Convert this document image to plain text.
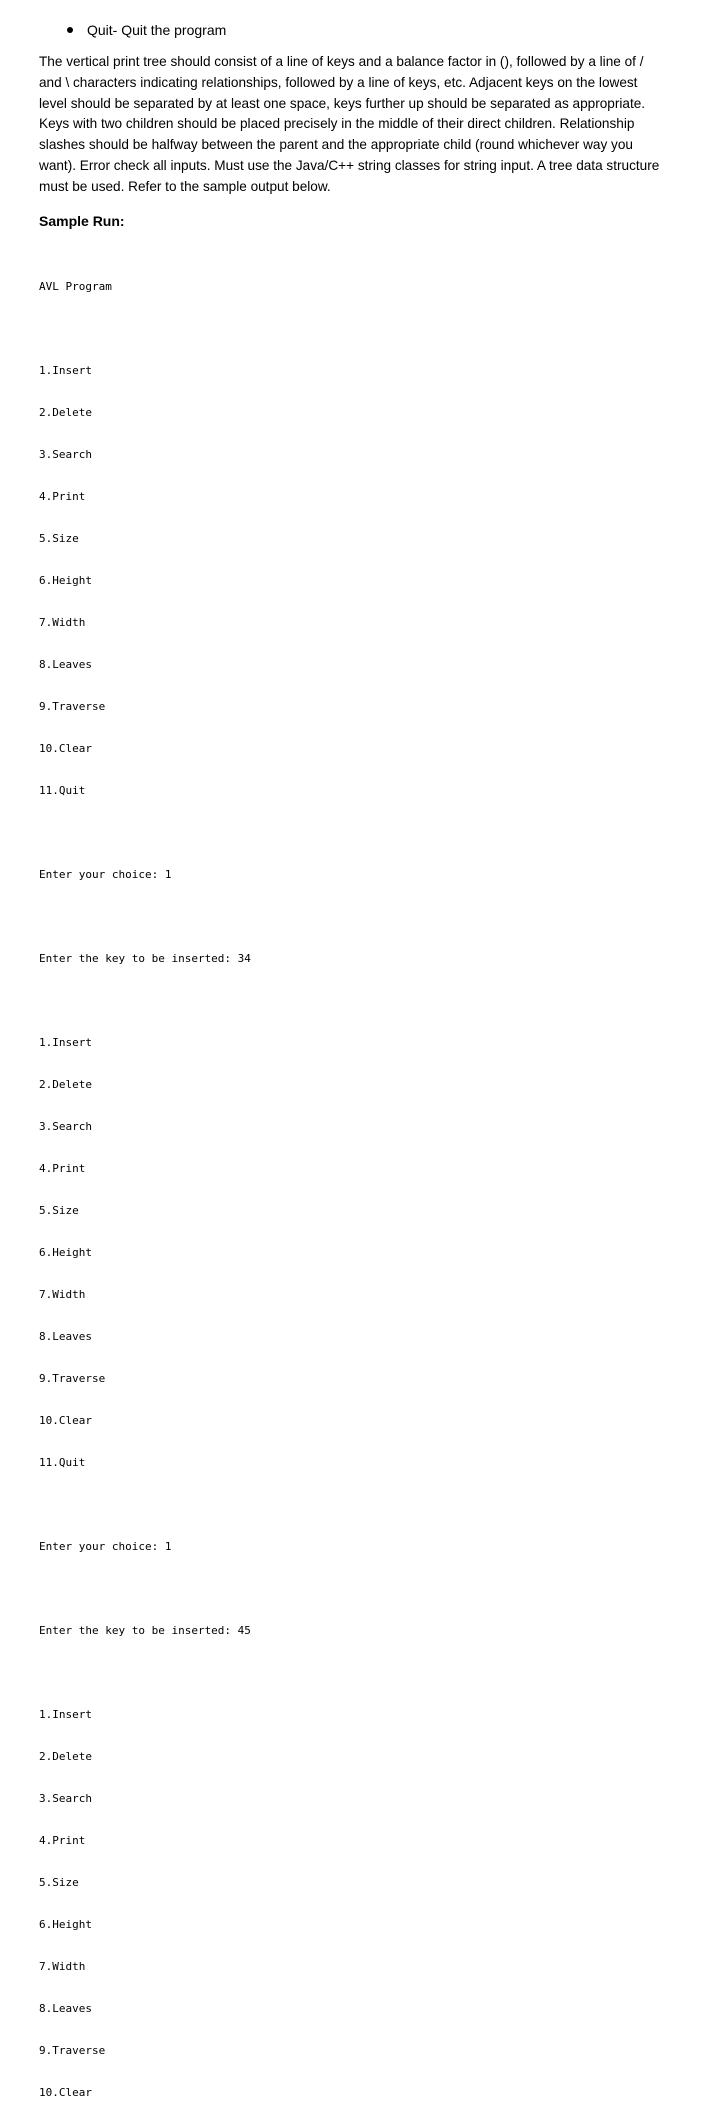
Quit- Quit the program
The vertical print tree should consist of a line of keys and a balance factor in (), followed by a line of /
and \ characters indicating relationships, followed by a line of keys, etc. Adjacent keys on the lowest
level should be separated by at least one space, keys further up should be separated as appropriate.
Keys with two children should be placed precisely in the middle of their direct children. Relationship
slashes should be halfway between the parent and the appropriate child (round whichever way you
want). Error check all inputs. Must use the Java/C++ string classes for string input. A tree data structure
must be used. Refer to the sample output below.
Sample Run:

AVL Program

1.Insert

2.Delete

3.Search

4.Print

5.Size

6.Height

7.Width

8.Leaves

9.Traverse

10.Clear

11.Quit

Enter your choice: 1

Enter the key to be inserted: 34

1.Insert

2.Delete

3.Search

4.Print

5.Size

6.Height

7.Width

8.Leaves

9.Traverse

10.Clear

11.Quit

Enter your choice: 1

Enter the key to be inserted: 45

1.Insert

2.Delete

3.Search

4.Print

5.Size

6.Height

7.Width

8.Leaves

9.Traverse

10.Clear
